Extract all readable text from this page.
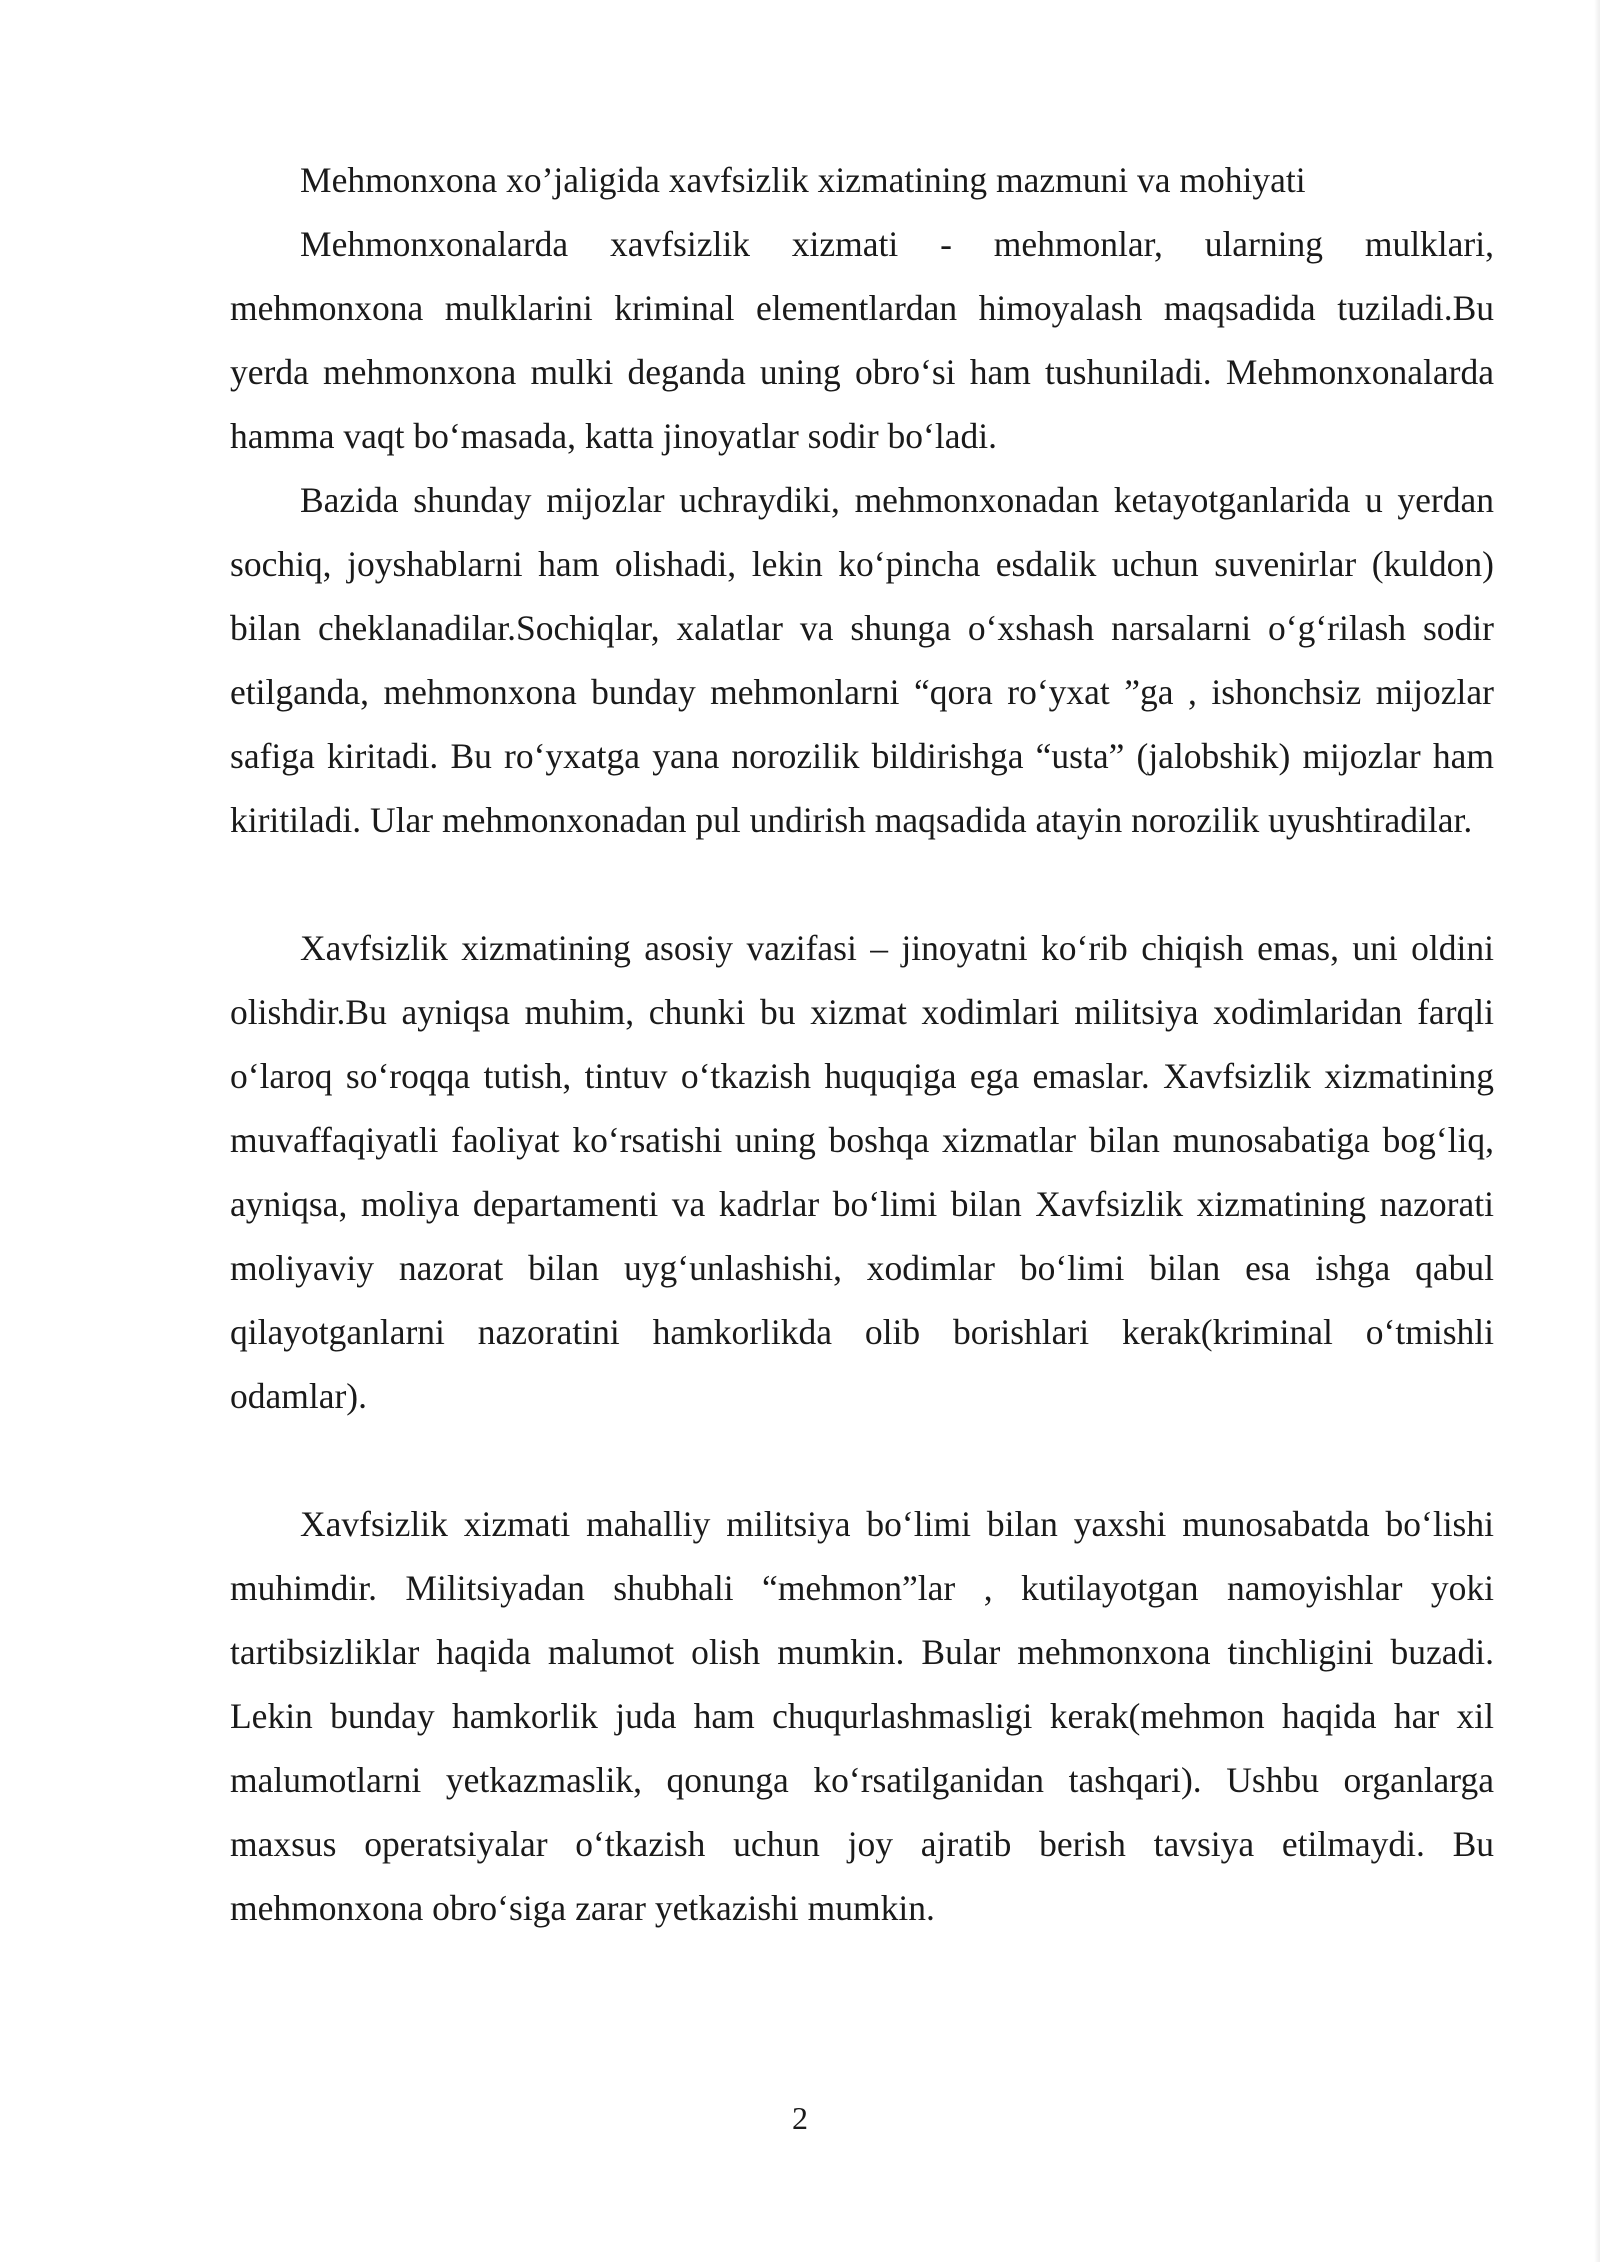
Mehmonxona xo’jaligida xavfsizlik xizmatining mazmuni va mohiyati

Mehmonxonalarda xavfsizlik xizmati - mehmonlar, ularning mulklari, mehmonxona mulklarini kriminal elementlardan himoyalash maqsadida tuziladi.Bu yerda mehmonxona mulki deganda uning obro‘si ham tushuniladi. Mehmonxonalarda hamma vaqt bo‘masada, katta jinoyatlar sodir bo‘ladi.

Bazida shunday mijozlar uchraydiki, mehmonxonadan ketayotganlarida u yerdan sochiq, joyshablarni ham olishadi, lekin ko‘pincha esdalik uchun suvenirlar (kuldon) bilan cheklanadilar.Sochiqlar, xalatlar va shunga o‘xshash narsalarni o‘g‘rilash sodir etilganda, mehmonxona bunday mehmonlarni “qora ro‘yxat ”ga , ishonchsiz mijozlar safiga kiritadi. Bu ro‘yxatga yana norozilik bildirishga “usta” (jalobshik) mijozlar ham kiritiladi. Ular mehmonxonadan pul undirish maqsadida atayin norozilik uyushtiradilar.

Xavfsizlik xizmatining asosiy vazifasi – jinoyatni ko‘rib chiqish emas, uni oldini olishdir.Bu ayniqsa muhim, chunki bu xizmat xodimlari militsiya xodimlaridan farqli o‘laroq so‘roqqa tutish, tintuv o‘tkazish huquqiga ega emaslar. Xavfsizlik xizmatining muvaffaqiyatli faoliyat ko‘rsatishi uning boshqa xizmatlar bilan munosabatiga bog‘liq, ayniqsa, moliya departamenti va kadrlar bo‘limi bilan Xavfsizlik xizmatining nazorati moliyaviy nazorat bilan uyg‘unlashishi, xodimlar bo‘limi bilan esa ishga qabul qilayotganlarni nazoratini hamkorlikda olib borishlari kerak(kriminal o‘tmishli odamlar).

Xavfsizlik xizmati mahalliy militsiya bo‘limi bilan yaxshi munosabatda bo‘lishi muhimdir. Militsiyadan shubhali “mehmon”lar , kutilayotgan namoyishlar yoki tartibsizliklar haqida malumot olish mumkin. Bular mehmonxona tinchligini buzadi. Lekin bunday hamkorlik juda ham chuqurlashmasligi kerak(mehmon haqida har xil malumotlarni yetkazmaslik, qonunga ko‘rsatilganidan tashqari). Ushbu organlarga maxsus operatsiyalar o‘tkazish uchun joy ajratib berish tavsiya etilmaydi. Bu mehmonxona obro‘siga zarar yetkazishi mumkin.

2
